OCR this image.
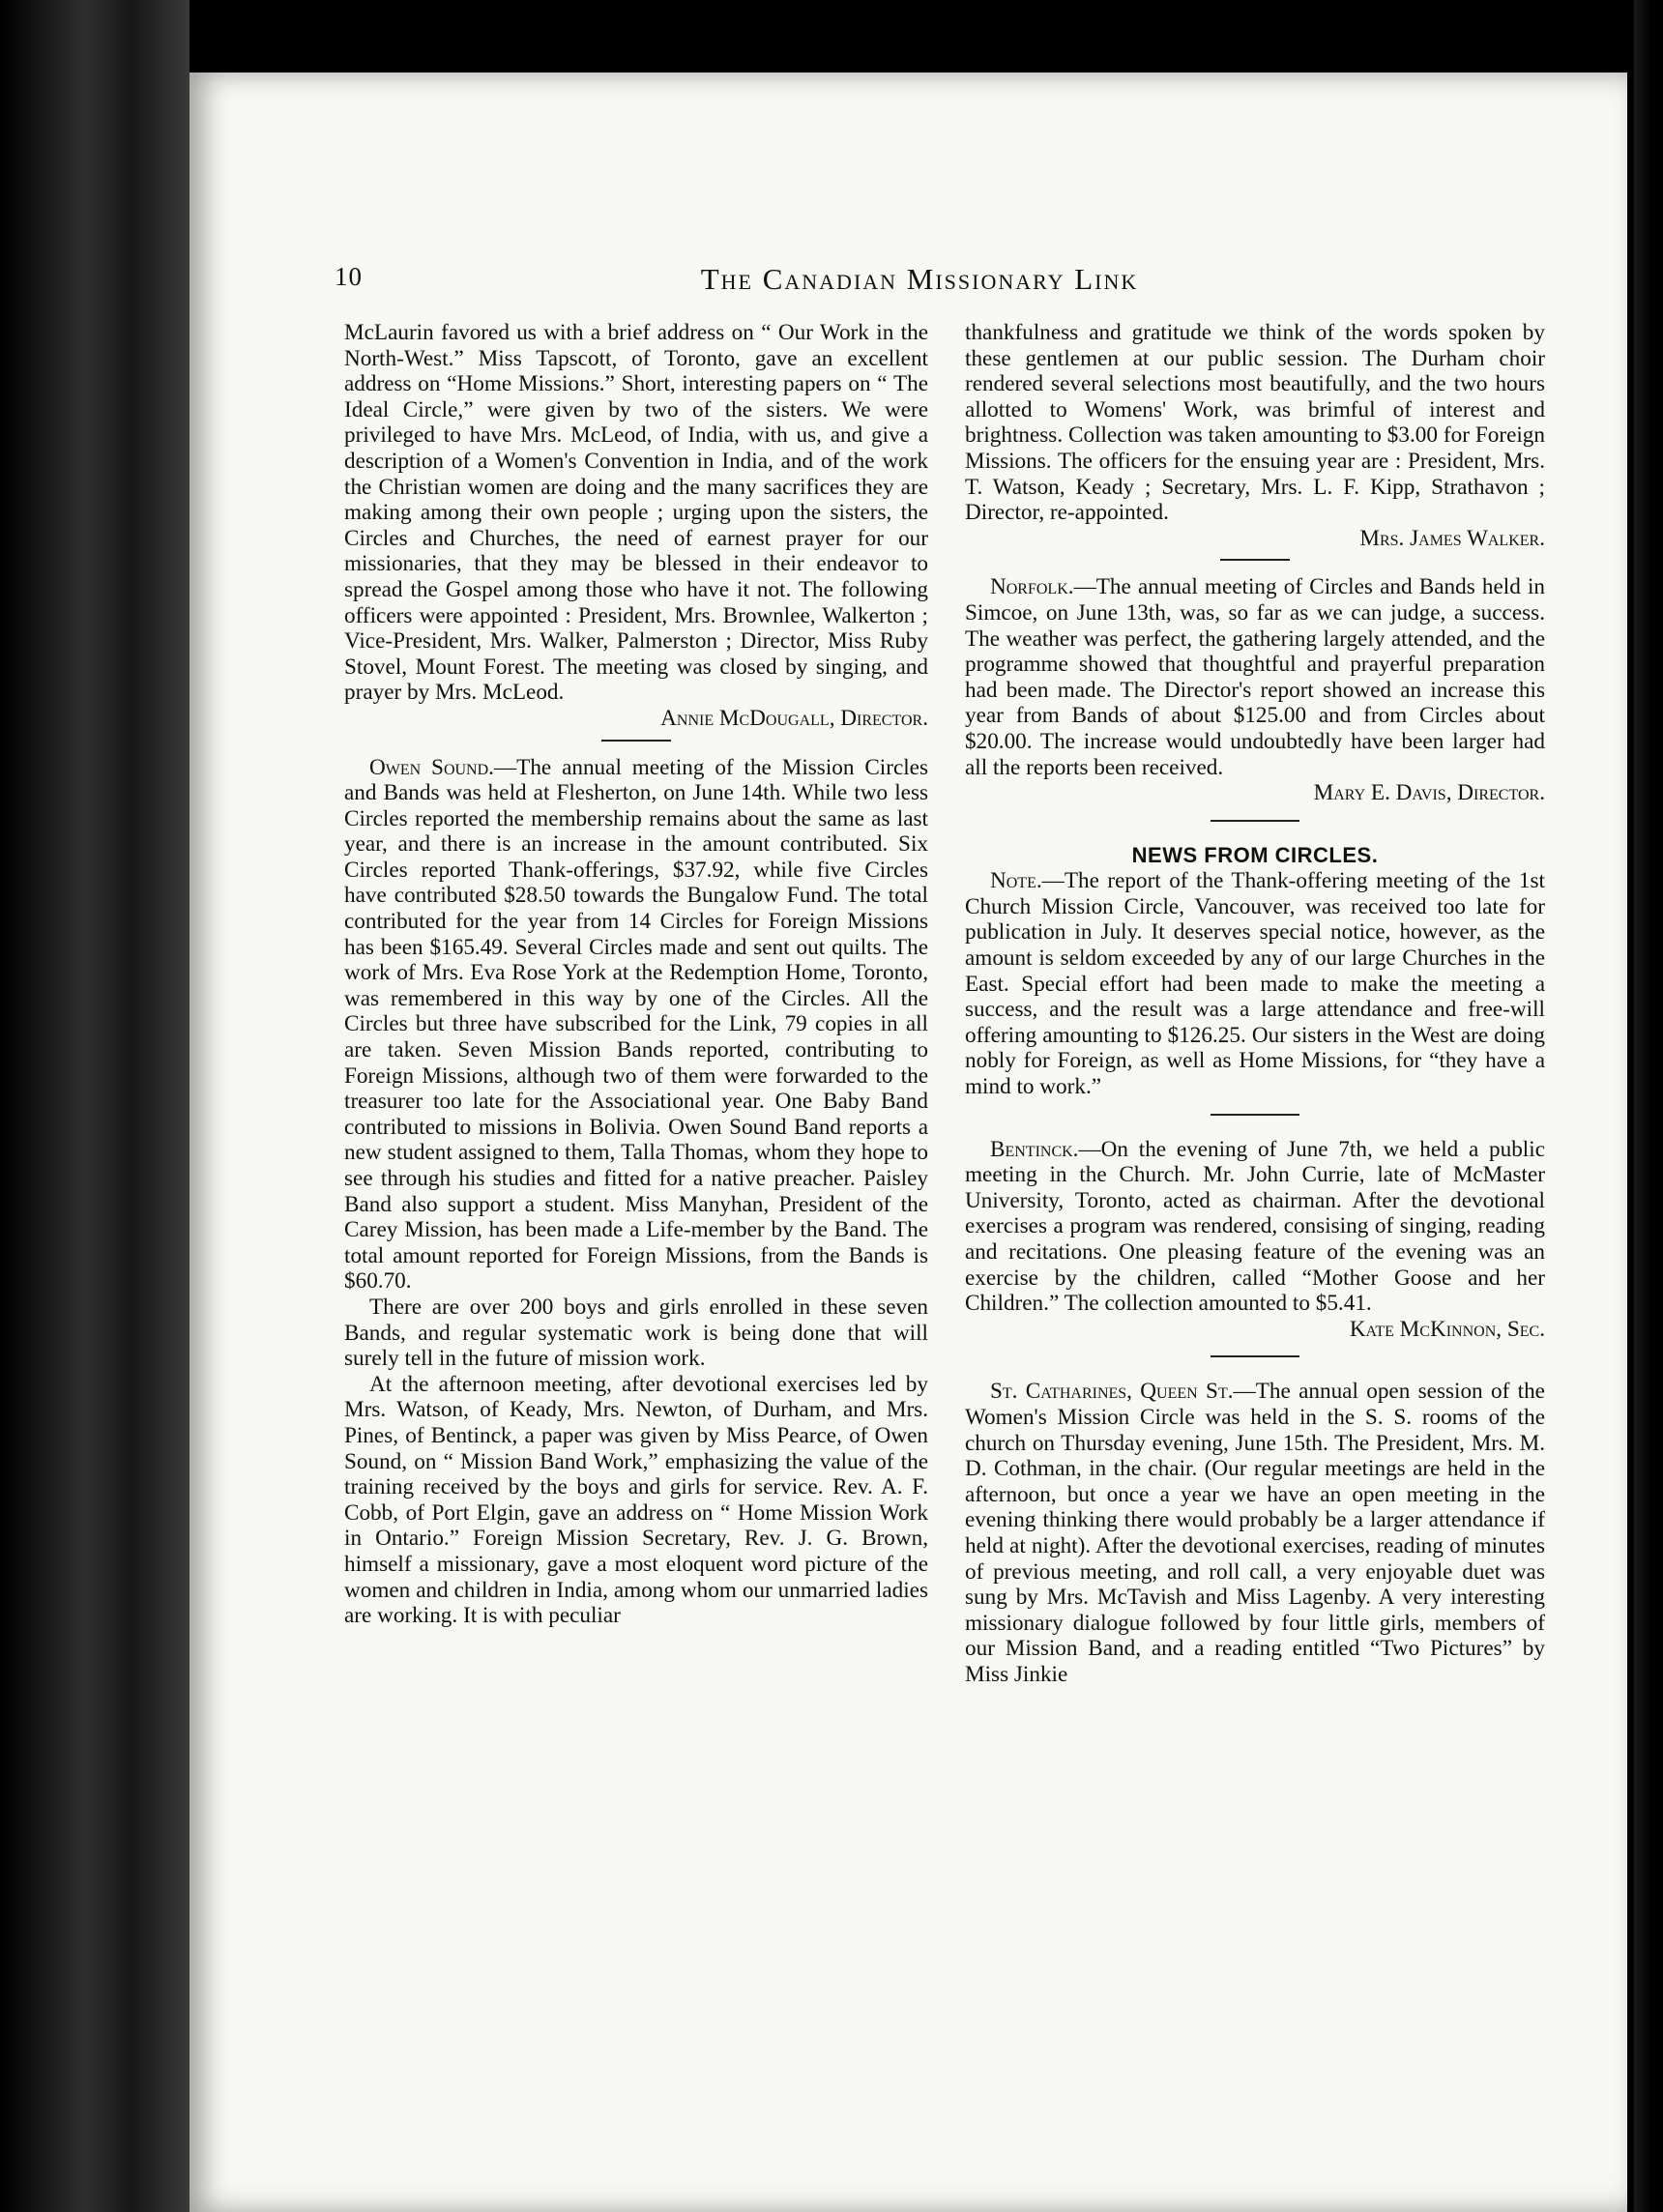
10	The Canadian Missionary Link

McLaurin favored us with a brief address on “ Our Work in the North-West.” Miss Tapscott, of Toronto, gave an excellent address on “Home Missions.” Short, interesting papers on “ The Ideal Circle,” were given by two of the sisters. We were privileged to have Mrs. McLeod, of India, with us, and give a description of a Women's Convention in India, and of the work the Christian women are doing and the many sacrifices they are making among their own people ; urging upon the sisters, the Circles and Churches, the need of earnest prayer for our missionaries, that they may be blessed in their endeavor to spread the Gospel among those who have it not. The following officers were appointed : President, Mrs. Brownlee, Walkerton ; Vice-President, Mrs. Walker, Palmerston ; Director, Miss Ruby Stovel, Mount Forest. The meeting was closed by singing, and prayer by Mrs. McLeod.

Annie McDougall, Director.

Owen Sound.—The annual meeting of the Mission Circles and Bands was held at Flesherton, on June 14th. While two less Circles reported the membership remains about the same as last year, and there is an increase in the amount contributed. Six Circles reported Thank-offerings, $37.92, while five Circles have contributed $28.50 towards the Bungalow Fund. The total contributed for the year from 14 Circles for Foreign Missions has been $165.49. Several Circles made and sent out quilts. The work of Mrs. Eva Rose York at the Redemption Home, Toronto, was remembered in this way by one of the Circles. All the Circles but three have subscribed for the Link, 79 copies in all are taken. Seven Mission Bands reported, contributing to Foreign Missions, although two of them were forwarded to the treasurer too late for the Associational year. One Baby Band contributed to missions in Bolivia. Owen Sound Band reports a new student assigned to them, Talla Thomas, whom they hope to see through his studies and fitted for a native preacher. Paisley Band also support a student. Miss Manyhan, President of the Carey Mission, has been made a Life-member by the Band. The total amount reported for Foreign Missions, from the Bands is $60.70.

There are over 200 boys and girls enrolled in these seven Bands, and regular systematic work is being done that will surely tell in the future of mission work.

At the afternoon meeting, after devotional exercises led by Mrs. Watson, of Keady, Mrs. Newton, of Durham, and Mrs. Pines, of Bentinck, a paper was given by Miss Pearce, of Owen Sound, on “ Mission Band Work,” emphasizing the value of the training received by the boys and girls for service. Rev. A. F. Cobb, of Port Elgin, gave an address on “ Home Mission Work in Ontario.” Foreign Mission Secretary, Rev. J. G. Brown, himself a missionary, gave a most eloquent word picture of the women and children in India, among whom our unmarried ladies are working. It is with peculiar

thankfulness and gratitude we think of the words spoken by these gentlemen at our public session. The Durham choir rendered several selections most beautifully, and the two hours allotted to Womens' Work, was brimful of interest and brightness. Collection was taken amounting to $3.00 for Foreign Missions. The officers for the ensuing year are : President, Mrs. T. Watson, Keady ; Secretary, Mrs. L. F. Kipp, Strathavon ; Director, re-appointed.

Mrs. James Walker.

Norfolk.—The annual meeting of Circles and Bands held in Simcoe, on June 13th, was, so far as we can judge, a success. The weather was perfect, the gathering largely attended, and the programme showed that thoughtful and prayerful preparation had been made. The Director's report showed an increase this year from Bands of about $125.00 and from Circles about $20.00. The increase would undoubtedly have been larger had all the reports been received.

Mary E. Davis, Director.

NEWS FROM CIRCLES.

Note.—The report of the Thank-offering meeting of the 1st Church Mission Circle, Vancouver, was received too late for publication in July. It deserves special notice, however, as the amount is seldom exceeded by any of our large Churches in the East. Special effort had been made to make the meeting a success, and the result was a large attendance and free-will offering amounting to $126.25. Our sisters in the West are doing nobly for Foreign, as well as Home Missions, for “they have a mind to work.”

Bentinck.—On the evening of June 7th, we held a public meeting in the Church. Mr. John Currie, late of McMaster University, Toronto, acted as chairman. After the devotional exercises a program was rendered, consising of singing, reading and recitations. One pleasing feature of the evening was an exercise by the children, called “Mother Goose and her Children.” The collection amounted to $5.41.

Kate McKinnon, Sec.

St. Catharines, Queen St.—The annual open session of the Women's Mission Circle was held in the S. S. rooms of the church on Thursday evening, June 15th. The President, Mrs. M. D. Cothman, in the chair. (Our regular meetings are held in the afternoon, but once a year we have an open meeting in the evening thinking there would probably be a larger attendance if held at night). After the devotional exercises, reading of minutes of previous meeting, and roll call, a very enjoyable duet was sung by Mrs. McTavish and Miss Lagenby. A very interesting missionary dialogue followed by four little girls, members of our Mission Band, and a reading entitled “Two Pictures” by Miss Jinkie
